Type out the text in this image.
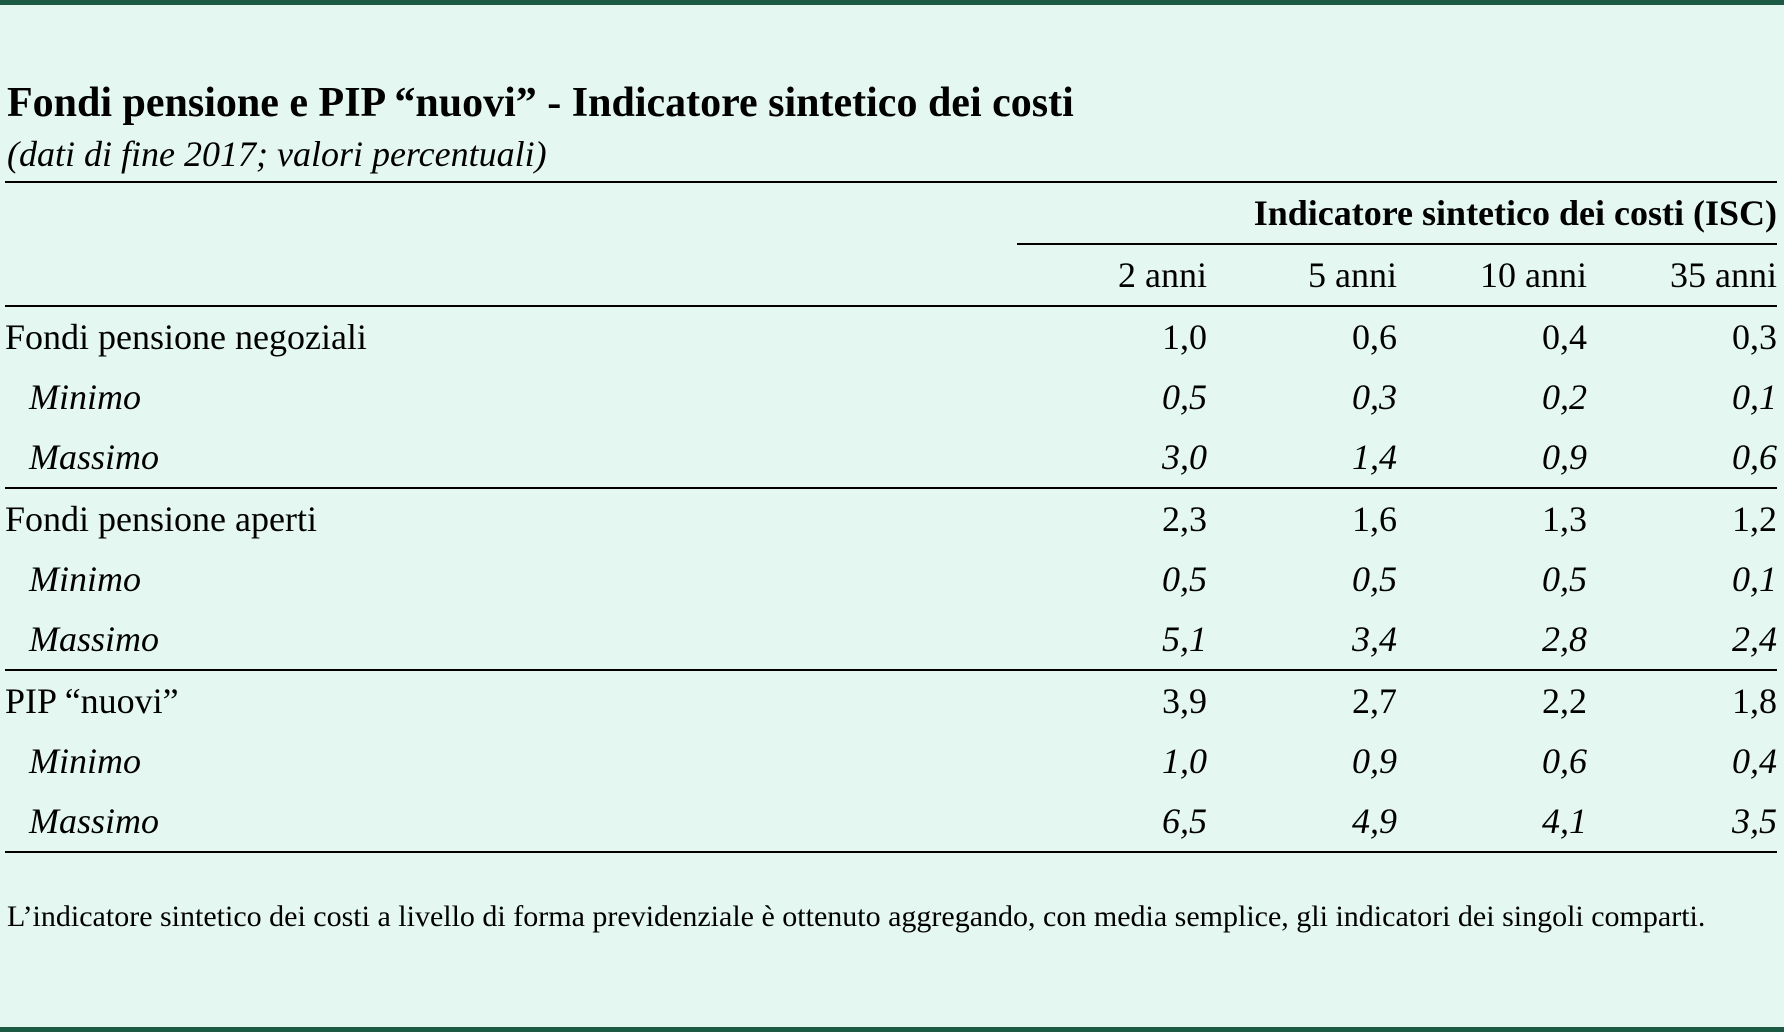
Fondi pensione e PIP “nuovi” - Indicatore sintetico dei costi
(dati di fine 2017; valori percentuali)
	Indicatore sintetico dei costi (ISC)			
	2 anni	5 anni	10 anni	35 anni
Fondi pensione negoziali	1,0	0,6	0,4	0,3
Minimo	0,5	0,3	0,2	0,1
Massimo	3,0	1,4	0,9	0,6
Fondi pensione aperti	2,3	1,6	1,3	1,2
Minimo	0,5	0,5	0,5	0,1
Massimo	5,1	3,4	2,8	2,4
PIP “nuovi”	3,9	2,7	2,2	1,8
Minimo	1,0	0,9	0,6	0,4
Massimo	6,5	4,9	4,1	3,5
L’indicatore sintetico dei costi a livello di forma previdenziale è ottenuto aggregando, con media semplice, gli indicatori dei singoli comparti.
